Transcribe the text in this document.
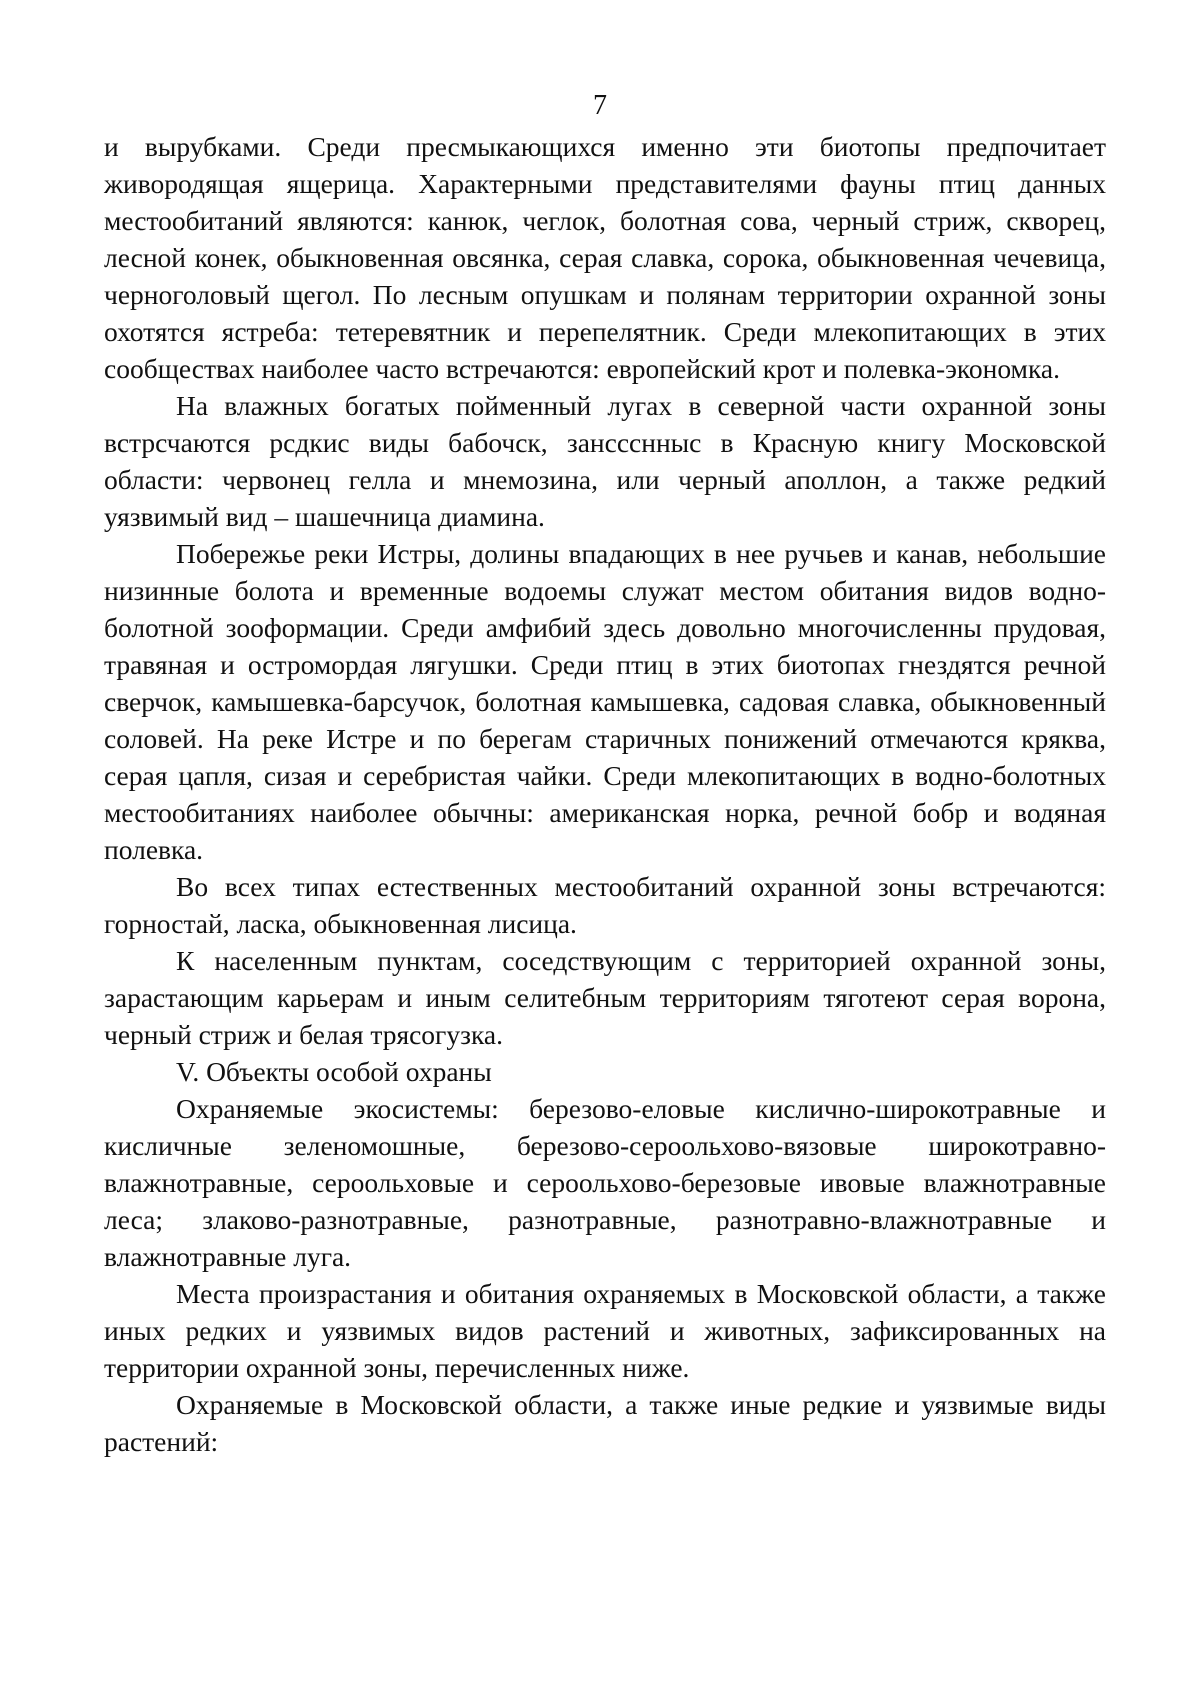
7

и вырубками. Среди пресмыкающихся именно эти биотопы предпочитает живородящая ящерица. Характерными представителями фауны птиц данных местообитаний являются: канюк, чеглок, болотная сова, черный стриж, скворец, лесной конек, обыкновенная овсянка, серая славка, сорока, обыкновенная чечевица, черноголовый щегол. По лесным опушкам и полянам территории охранной зоны охотятся ястреба: тетеревятник и перепелятник. Среди млекопитающих в этих сообществах наиболее часто встречаются: европейский крот и полевка-экономка.

На влажных богатых пойменный лугах в северной части охранной зоны встрсчаются рсдкис виды бабочск, занссснныс в Красную книгу Московской области: червонец гелла и мнемозина, или черный аполлон, а также редкий уязвимый вид – шашечница диамина.

Побережье реки Истры, долины впадающих в нее ручьев и канав, небольшие низинные болота и временные водоемы служат местом обитания видов водно-болотной зооформации. Среди амфибий здесь довольно многочисленны прудовая, травяная и остромордая лягушки. Среди птиц в этих биотопах гнездятся речной сверчок, камышевка-барсучок, болотная камышевка, садовая славка, обыкновенный соловей. На реке Истре и по берегам старичных понижений отмечаются кряква, серая цапля, сизая и серебристая чайки. Среди млекопитающих в водно-болотных местообитаниях наиболее обычны: американская норка, речной бобр и водяная полевка.

Во всех типах естественных местообитаний охранной зоны встречаются: горностай, ласка, обыкновенная лисица.

К населенным пунктам, соседствующим с территорией охранной зоны, зарастающим карьерам и иным селитебным территориям тяготеют серая ворона, черный стриж и белая трясогузка.

V. Объекты особой охраны

Охраняемые экосистемы: березово-еловые кислично-широкотравные и кисличные зеленомошные, березово-сероольхово-вязовые широкотравно-влажнотравные, сероольховые и сероольхово-березовые ивовые влажнотравные леса; злаково-разнотравные, разнотравные, разнотравно-влажнотравные и влажнотравные луга.

Места произрастания и обитания охраняемых в Московской области, а также иных редких и уязвимых видов растений и животных, зафиксированных на территории охранной зоны, перечисленных ниже.

Охраняемые в Московской области, а также иные редкие и уязвимые виды растений:
